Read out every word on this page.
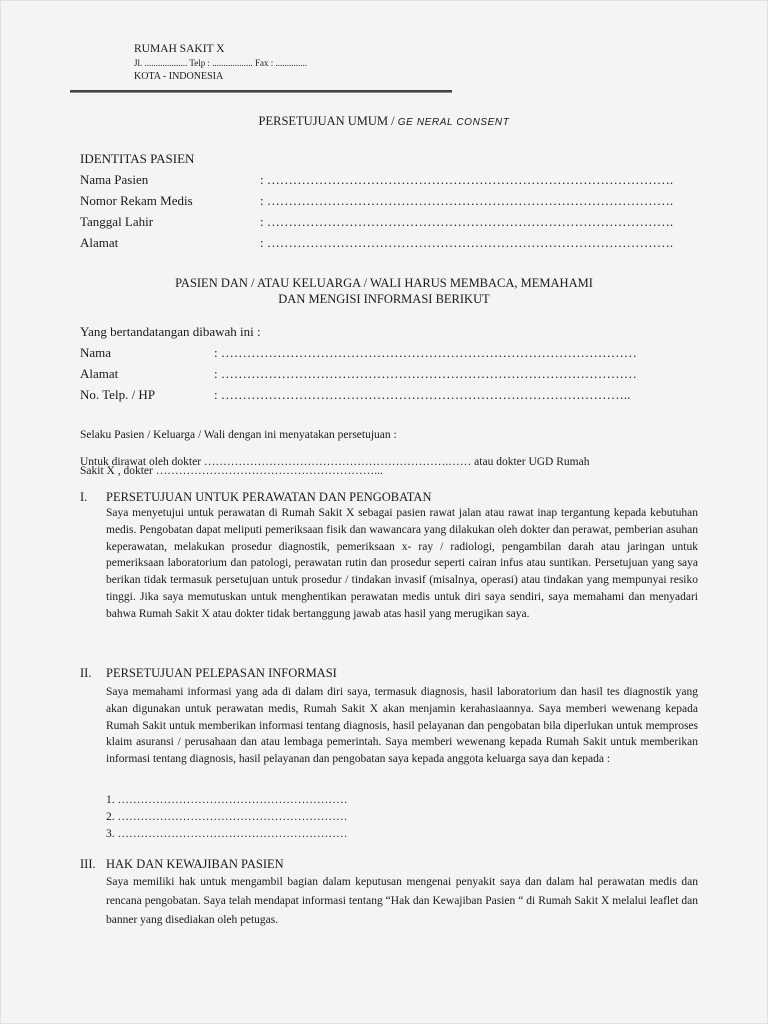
RUMAH SAKIT X
Jl. ................... Telp : .................. Fax : ..............
KOTA - INDONESIA
PERSETUJUAN UMUM / GE NERAL CONSENT
IDENTITAS PASIEN
Nama Pasien	: ………………………………………………………………………………….
Nomor Rekam Medis	: ………………………………………………………………………………….
Tanggal Lahir	: ………………………………………………………………………………….
Alamat	: ………………………………………………………………………………….
PASIEN DAN / ATAU KELUARGA / WALI HARUS MEMBACA, MEMAHAMI
DAN MENGISI INFORMASI BERIKUT
Yang bertandatangan dibawah ini :
Nama	: ……………………………………………………………………………………
Alamat	: ……………………………………………………………………………………
No. Telp. / HP	: …………………………………………………………………………………..
Selaku Pasien / Keluarga / Wali dengan ini menyatakan persetujuan :
Untuk dirawat oleh dokter ……………………………………………………….…… atau dokter UGD Rumah
Sakit X , dokter …………………………………………………...
I. PERSETUJUAN UNTUK PERAWATAN DAN PENGOBATAN

Saya menyetujui untuk perawatan di Rumah Sakit X sebagai pasien rawat jalan atau rawat inap tergantung kepada kebutuhan medis. Pengobatan dapat meliputi pemeriksaan fisik dan wawancara yang dilakukan oleh dokter dan perawat, pemberian asuhan keperawatan, melakukan prosedur diagnostik, pemeriksaan x- ray / radiologi, pengambilan darah atau jaringan untuk pemeriksaan laboratorium dan patologi, perawatan rutin dan prosedur seperti cairan infus atau suntikan. Persetujuan yang saya berikan tidak termasuk persetujuan untuk prosedur / tindakan invasif (misalnya, operasi) atau tindakan yang mempunyai resiko tinggi. Jika saya memutuskan untuk menghentikan perawatan medis untuk diri saya sendiri, saya memahami dan menyadari bahwa Rumah Sakit X atau dokter tidak bertanggung jawab atas hasil yang merugikan saya.

II. PERSETUJUAN PELEPASAN INFORMASI

Saya memahami informasi yang ada di dalam diri saya, termasuk diagnosis, hasil laboratorium dan hasil tes diagnostik yang akan digunakan untuk perawatan medis, Rumah Sakit X akan menjamin kerahasiaannya. Saya memberi wewenang kepada Rumah Sakit untuk memberikan informasi tentang diagnosis, hasil pelayanan dan pengobatan bila diperlukan untuk memproses klaim asuransi / perusahaan dan atau lembaga pemerintah. Saya memberi wewenang kepada Rumah Sakit untuk memberikan informasi tentang diagnosis, hasil pelayanan dan pengobatan saya kepada anggota keluarga saya dan kepada :

1. ……………………………………………………
2. ……………………………………………………
3. ……………………………………………………
III. HAK DAN KEWAJIBAN PASIEN

Saya memiliki hak untuk mengambil bagian dalam keputusan mengenai penyakit saya dan dalam hal perawatan medis dan rencana pengobatan. Saya telah mendapat informasi tentang “Hak dan Kewajiban Pasien “ di Rumah Sakit X melalui leaflet dan banner yang disediakan oleh petugas.
